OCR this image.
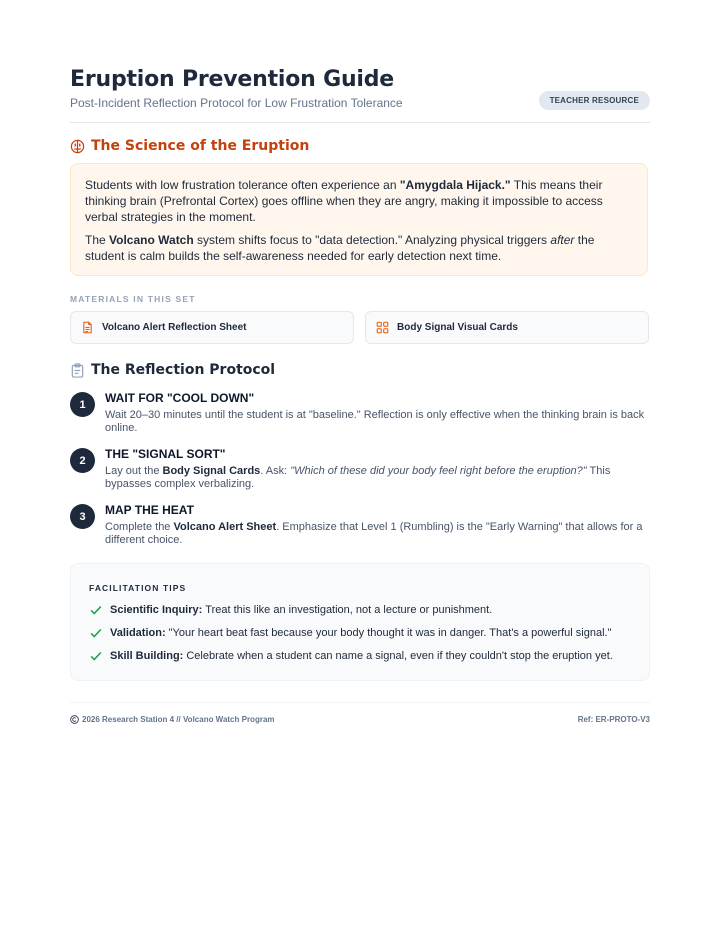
Eruption Prevention Guide
Post-Incident Reflection Protocol for Low Frustration Tolerance	TEACHER RESOURCE
The Science of the Eruption

Students with low frustration tolerance often experience an "Amygdala Hijack." This means their thinking brain (Prefrontal Cortex) goes offline when they are angry, making it impossible to access verbal strategies in the moment.

The Volcano Watch system shifts focus to "data detection." Analyzing physical triggers after the student is calm builds the self-awareness needed for early detection next time.

MATERIALS IN THIS SET
Volcano Alert Reflection Sheet	Body Signal Visual Cards
The Reflection Protocol
1	WAIT FOR "COOL DOWN"
Wait 20–30 minutes until the student is at "baseline." Reflection is only effective when the thinking brain is back online.
2	THE "SIGNAL SORT"
Lay out the Body Signal Cards. Ask: "Which of these did your body feel right before the eruption?" This bypasses complex verbalizing.
3	MAP THE HEAT
Complete the Volcano Alert Sheet. Emphasize that Level 1 (Rumbling) is the "Early Warning" that allows for a different choice.
FACILITATION TIPS
Scientific Inquiry: Treat this like an investigation, not a lecture or punishment.
Validation: "Your heart beat fast because your body thought it was in danger. That's a powerful signal."
Skill Building: Celebrate when a student can name a signal, even if they couldn't stop the eruption yet.
2026 Research Station 4 // Volcano Watch Program	Ref: ER-PROTO-V3
